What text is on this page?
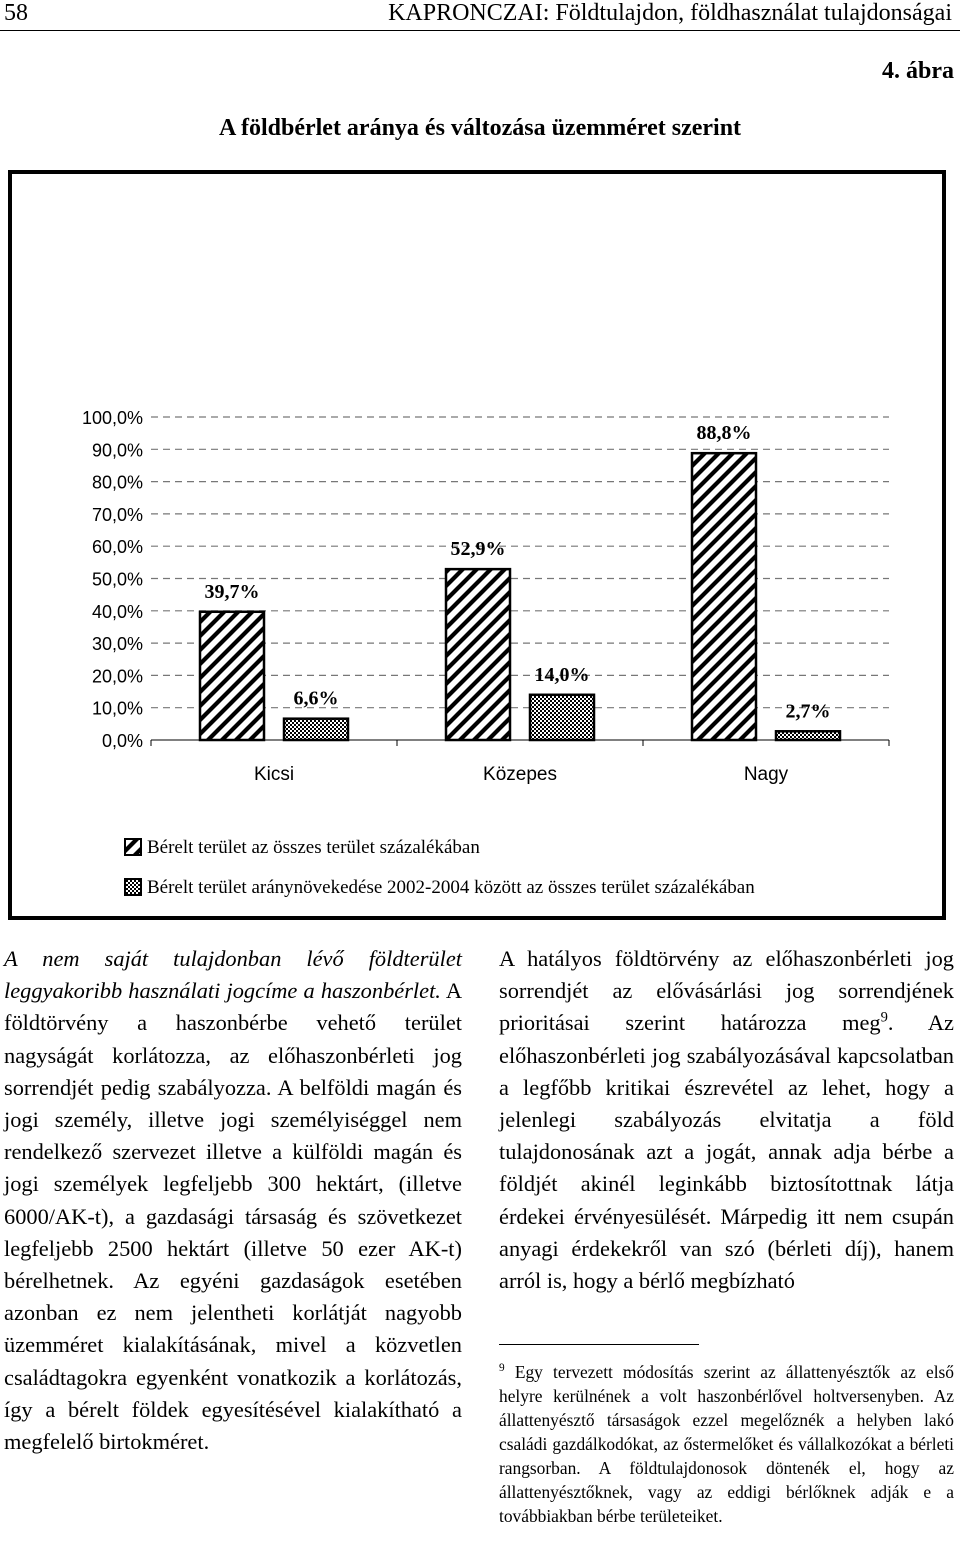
58	KAPRONCZAI: Földtulajdon, földhasználat tulajdonságai
4. ábra
A földbérlet aránya és változása üzemméret szerint
0,0%
10,0%
20,0%
30,0%
40,0%
50,0%
60,0%
70,0%
80,0%
90,0%
100,0%
Kicsi	Közepes	Nagy
39,7%
52,9%
88,8%
6,6%
14,0%
2,7%
Bérelt terület az összes terület százalékában
Bérelt terület aránynövekedése 2002-2004 között az összes terület százalékában

A nem saját tulajdonban lévő földterület leggyakoribb használati jogcíme a haszonbérlet. A földtörvény a haszonbérbe vehető terület nagyságát korlátozza, az előhaszonbérleti jog sorrendjét pedig szabályozza. A belföldi magán és jogi személy, illetve jogi személyiséggel nem rendelkező szervezet illetve a külföldi magán és jogi személyek legfeljebb 300 hektárt, (illetve 6000/AK-t), a gazdasági társaság és szövetkezet legfeljebb 2500 hektárt (illetve 50 ezer AK-t) bérelhetnek. Az egyéni gazdaságok esetében azonban ez nem jelentheti korlátját nagyobb üzemméret kialakításának, mivel a közvetlen családtagokra egyenként vonatkozik a korlátozás, így a bérelt földek egyesítésével kialakítható a megfelelő birtokméret.

A hatályos földtörvény az előhaszonbérleti jog sorrendjét az elővásárlási jog sorrendjének prioritásai szerint határozza meg$^9$. Az előhaszonbérleti jog szabályozásával kapcsolatban a legfőbb kritikai észrevétel az lehet, hogy a jelenlegi szabályozás elvitatja a föld tulajdonosának azt a jogát, annak adja bérbe a földjét akinél leginkább biztosítottnak látja érdekei érvényesülését. Márpedig itt nem csupán anyagi érdekekről van szó (bérleti díj), hanem arról is, hogy a bérlő megbízható

$^9$ Egy tervezett módosítás szerint az állattenyésztők az első helyre kerülnének a volt haszonbérlővel holtversenyben. Az állattenyésztő társaságok ezzel megelőznék a helyben lakó családi gazdálkodókat, az őstermelőket és vállalkozókat a bérleti rangsorban. A földtulajdonosok döntenék el, hogy az állattenyésztőknek, vagy az eddigi bérlőknek adják e a továbbiakban bérbe területeiket.
